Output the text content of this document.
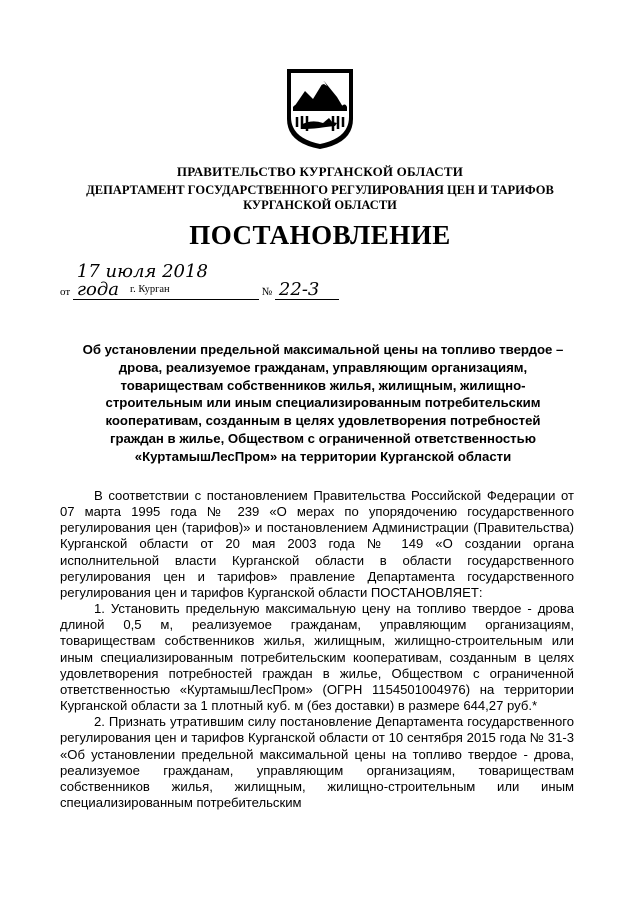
ПРАВИТЕЛЬСТВО КУРГАНСКОЙ ОБЛАСТИ
ДЕПАРТАМЕНТ ГОСУДАРСТВЕННОГО РЕГУЛИРОВАНИЯ ЦЕН И ТАРИФОВ
КУРГАНСКОЙ ОБЛАСТИ
ПОСТАНОВЛЕНИЕ
от 17 июля 2018 года	№ 22-3
г. Курган
Об установлении предельной максимальной цены на топливо твердое – дрова, реализуемое гражданам, управляющим организациям, товариществам собственников жилья, жилищным, жилищно-строительным или иным специализированным потребительским кооперативам, созданным в целях удовлетворения потребностей граждан в жилье, Обществом с ограниченной ответственностью «КуртамышЛесПром» на территории Курганской области

В соответствии с постановлением Правительства Российской Федерации от 07 марта 1995 года № 239 «О мерах по упорядочению государственного регулирования цен (тарифов)» и постановлением Администрации (Правительства) Курганской области от 20 мая 2003 года № 149 «О создании органа исполнительной власти Курганской области в области государственного регулирования цен и тарифов» правление Департамента государственного регулирования цен и тарифов Курганской области ПОСТАНОВЛЯЕТ:

1. Установить предельную максимальную цену на топливо твердое - дрова длиной 0,5 м, реализуемое гражданам, управляющим организациям, товариществам собственников жилья, жилищным, жилищно-строительным или иным специализированным потребительским кооперативам, созданным в целях удовлетворения потребностей граждан в жилье, Обществом с ограниченной ответственностью «КуртамышЛесПром» (ОГРН 1154501004976) на территории Курганской области за 1 плотный куб. м (без доставки) в размере 644,27 руб.*

2. Признать утратившим силу постановление Департамента государственного регулирования цен и тарифов Курганской области от 10 сентября 2015 года № 31-3 «Об установлении предельной максимальной цены на топливо твердое - дрова, реализуемое гражданам, управляющим организациям, товариществам собственников жилья, жилищным, жилищно-строительным или иным специализированным потребительским
